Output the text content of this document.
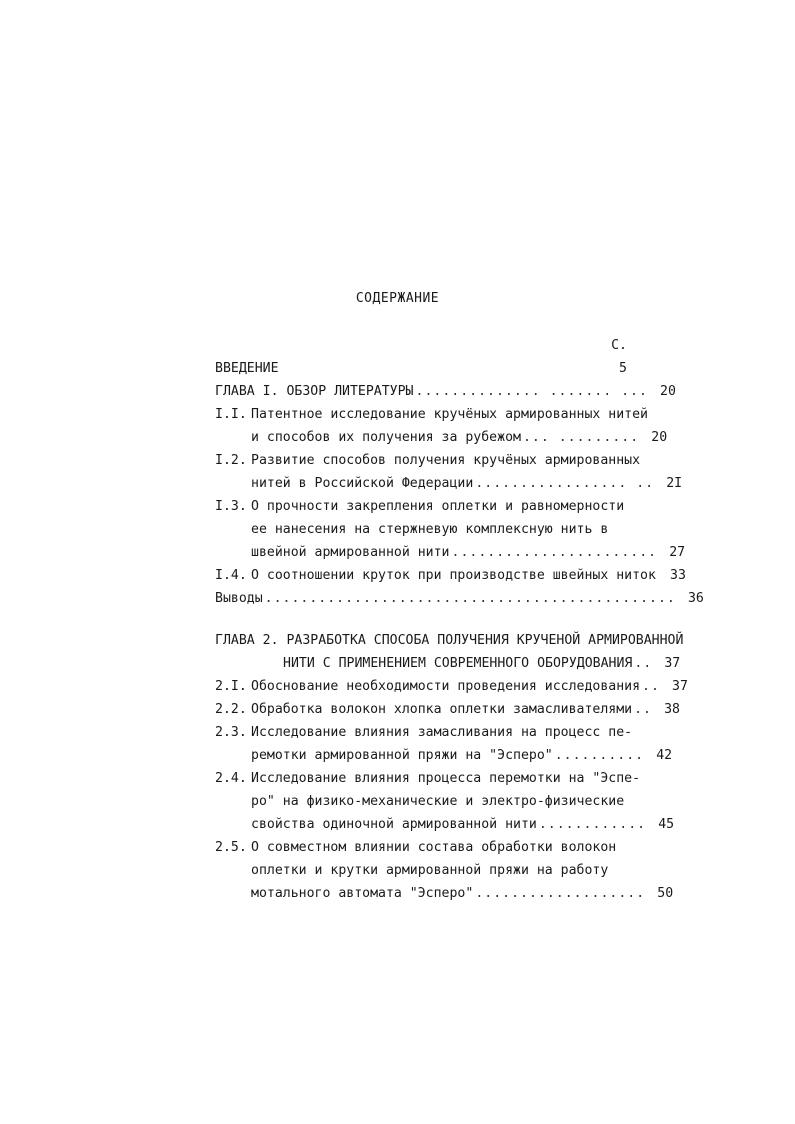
СОДЕРЖАНИЕ
С.
ВВЕДЕНИЕ	5
ГЛАВА I. ОБЗОР ЛИТЕРАТУРЫ .............. ....... ... 20
I.I. Патентное исследование кручёных армированных нитей
и способов их получения за рубежом ... ......... 20
I.2. Развитие способов получения кручёных армированных
нитей в Российской Федерации ................. .. 2I
I.3. О прочности закрепления оплетки и равномерности
ее нанесения на стержневую комплексную нить в
швейной армированной нити ....................... 27
I.4. О соотношении круток при производстве швейных ниток	33
Выводы .............................................. 36
ГЛАВА 2. РАЗРАБОТКА СПОСОБА ПОЛУЧЕНИЯ КРУЧЕНОЙ АРМИРОВАННОЙ
НИТИ С ПРИМЕНЕНИЕМ СОВРЕМЕННОГО ОБОРУДОВАНИЯ .. 37
2.I. Обоснование необходимости проведения исследования .. 37
2.2. Обработка волокон хлопка оплетки замасливателями .. 38
2.3. Исследование влияния замасливания на процесс пе-
ремотки армированной пряжи на "Эсперо" .......... 42
2.4. Исследование влияния процесса перемотки на "Эспе-
ро" на физико-механические и электро-физические
свойства одиночной армированной нити ............ 45
2.5. О совместном влиянии состава обработки волокон
оплетки и крутки армированной пряжи на работу
мотального автомата "Эсперо" ................... 50
